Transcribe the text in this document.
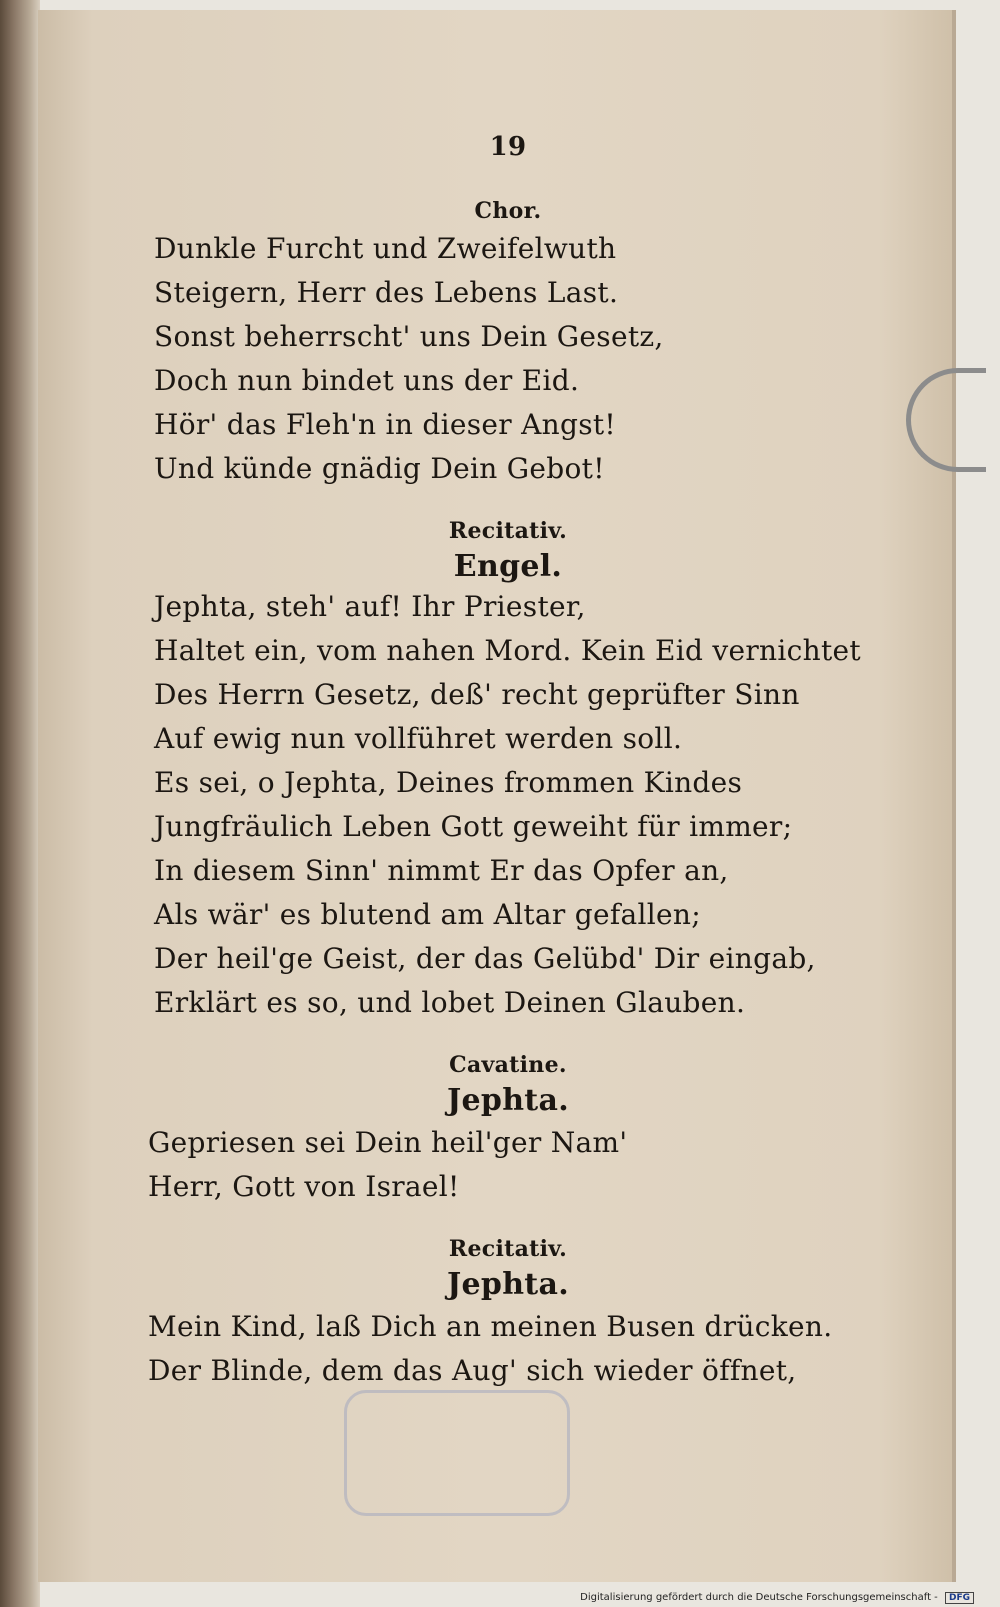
19
Chor.
Dunkle Furcht und Zweifelwuth
Steigern, Herr des Lebens Last.
Sonst beherrscht' uns Dein Gesetz,
Doch nun bindet uns der Eid.
Hör' das Fleh'n in dieser Angst!
Und künde gnädig Dein Gebot!
Recitativ.
Engel.
Jephta, steh' auf! Ihr Priester,
Haltet ein, vom nahen Mord. Kein Eid vernichtet
Des Herrn Gesetz, deß' recht geprüfter Sinn
Auf ewig nun vollführet werden soll.
Es sei, o Jephta, Deines frommen Kindes
Jungfräulich Leben Gott geweiht für immer;
In diesem Sinn' nimmt Er das Opfer an,
Als wär' es blutend am Altar gefallen;
Der heil'ge Geist, der das Gelübd' Dir eingab,
Erklärt es so, und lobet Deinen Glauben.
Cavatine.
Jephta.
Gepriesen sei Dein heil'ger Nam'
Herr, Gott von Israel!
Recitativ.
Jephta.
Mein Kind, laß Dich an meinen Busen drücken.
Der Blinde, dem das Aug' sich wieder öffnet,
Digitalisierung gefördert durch die Deutsche Forschungsgemeinschaft - DFG
